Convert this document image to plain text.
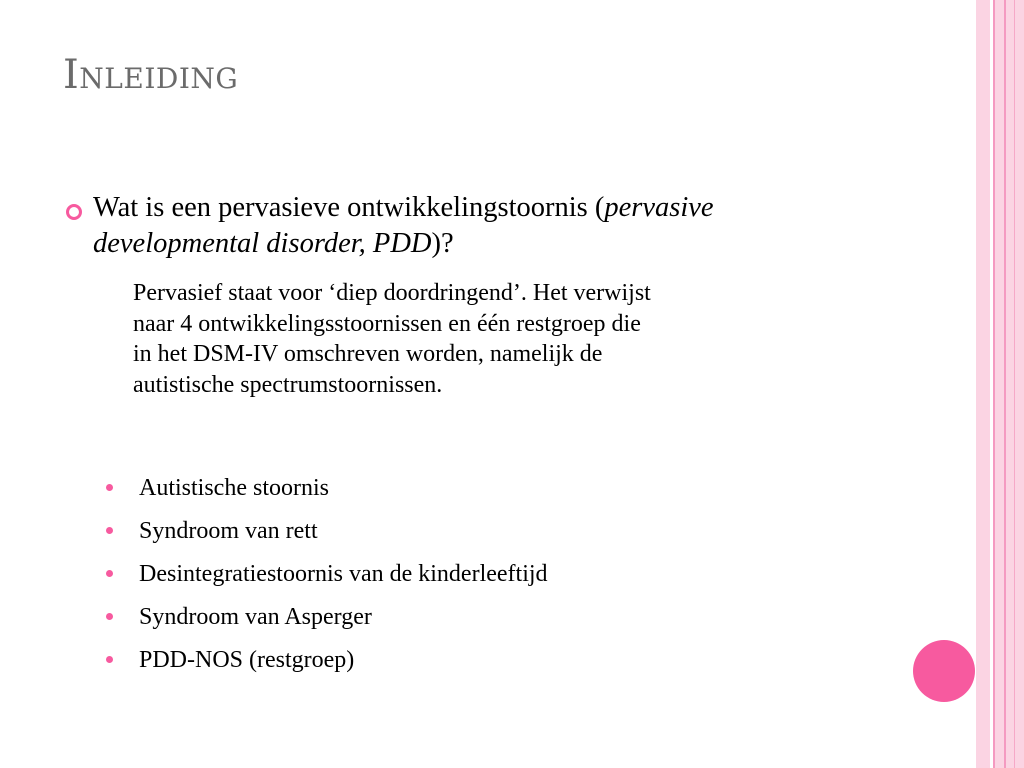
Inleiding
Wat is een pervasieve ontwikkelingstoornis (pervasive developmental disorder, PDD)?

Pervasief staat voor ‘diep doordringend’. Het verwijst
naar 4 ontwikkelingsstoornissen en één restgroep die
in het DSM-IV omschreven worden, namelijk de
autistische spectrumstoornissen.

Autistische stoornis
Syndroom van rett
Desintegratiestoornis van de kinderleeftijd
Syndroom van Asperger
PDD-NOS (restgroep)
